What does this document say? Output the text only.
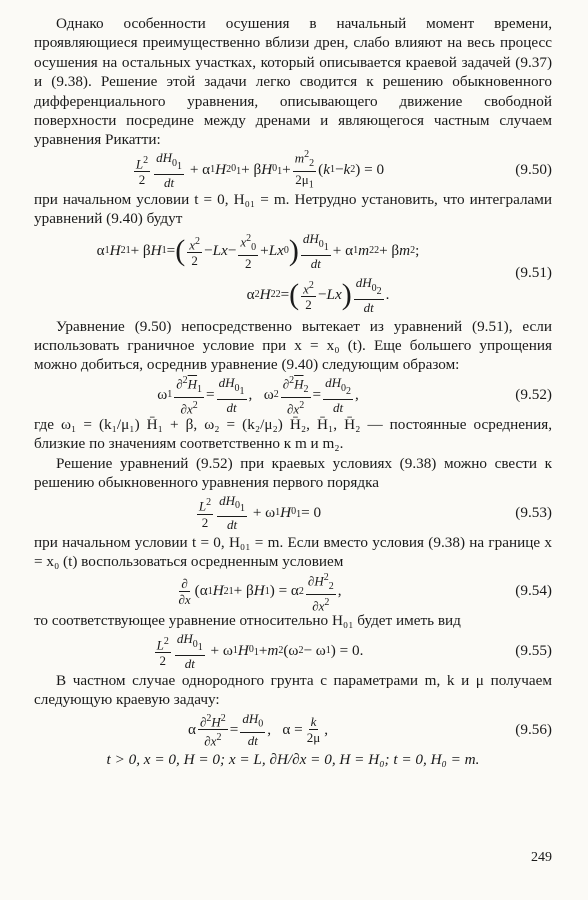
Однако особенности осушения в начальный момент времени, проявляющиеся преимущественно вблизи дрен, слабо влияют на весь процесс осушения на остальных участках, который описывается краевой задачей (9.37) и (9.38). Решение этой задачи легко сводится к решению обыкновенного дифференциального уравнения, описывающего движение свободной поверхности посредине между дренами и являющегося частным случаем уравнения Рикатти:

$\frac{L^2}{2} \frac{dH_{0_1}}{dt} + \alpha$ 1 H 2 $0_1 + \beta$ H $0_1 + \frac{m^2_2}{2\mu_1}$ ( k 1 − k 2 ) = 0	(9.50)

при начальном условии t = 0, H₀₁ = m. Нетрудно установить, что интегралами уравнений (9.40) будут

α 1 H 2 1 + β H 1 = ( $\frac{x^2}{2} - Lx - \frac{x^2_0}{2} + Lx$ 0 ) $\frac{dH_{0_1}}{dt} + \alpha$ 1 m 2 2 + β m 2 ;
α 2 H 2 2 = ( $\frac{x^2}{2} - Lx$ ) $\frac{dH_{0_2}}{dt}$ .
(9.51)

Уравнение (9.50) непосредственно вытекает из уравнений (9.51), если использовать граничное условие при x = x₀ (t). Еще большего упрощения можно добиться, осреднив уравнение (9.40) следующим образом:

ω $1 \frac{\partial^2\overline{H}_1}{\partial x^2} = \frac{dH_{0_1}}{dt}$ ,   ω $2 \frac{\partial^2\overline{H}_2}{\partial x^2} = \frac{dH_{0_2}}{dt}$ ,	(9.52)

где ω₁ = (k₁/μ₁) H̄₁ + β, ω₂ = (k₂/μ₂) H̄₂, H̄₁, H̄₂ — постоянные осреднения, близкие по значениям соответственно к m и m₂.

Решение уравнений (9.52) при краевых условиях (9.38) можно свести к решению обыкновенного уравнения первого порядка

$\frac{L^2}{2} \frac{dH_{0_1}}{dt} + \omega$ 1 H $0_1 = 0$	(9.53)

при начальном условии t = 0, H₀₁ = m. Если вместо условия (9.38) на границе x = x₀ (t) воспользоваться осредненным условием

$\frac{\partial}{\partial x} (\alpha$ 1 H 2 1 + β H 1 ) = α $2 \frac{\partial H^2_2}{\partial x^2}$ ,	(9.54)

то соответствующее уравнение относительно H₀₁ будет иметь вид

$\frac{L^2}{2} \frac{dH_{0_1}}{dt} + \omega$ 1 H $0_1 + m$ 2 (ω 2 − ω 1 ) = 0.	(9.55)

В частном случае однородного грунта с параметрами m, k и μ получаем следующую краевую задачу:

α $\frac{\partial^2H^2}{\partial x^2} = \frac{dH_0}{dt}$ ,   $\alpha = \frac{k}{2\mu}$ ,	(9.56)

t > 0, x = 0, H = 0; x = L, ∂H/∂x = 0, H = H₀; t = 0, H₀ = m.

249
